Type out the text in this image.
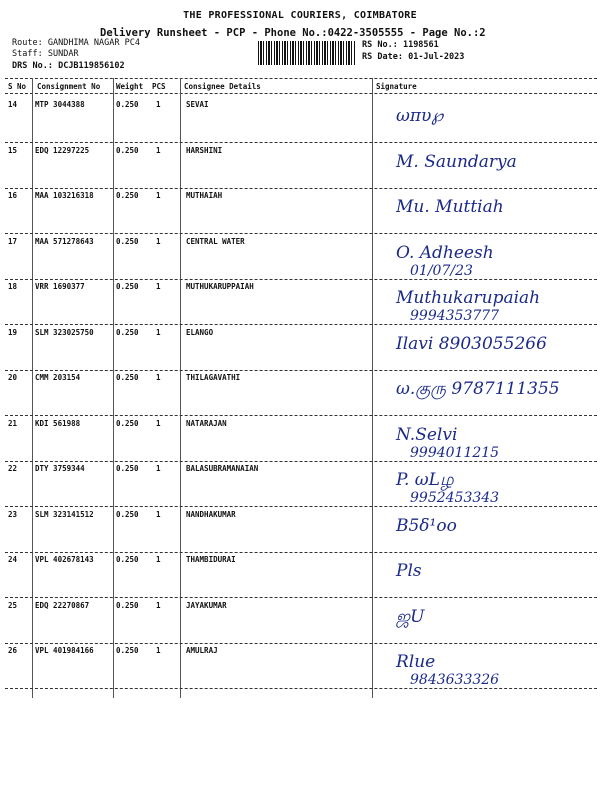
THE PROFESSIONAL COURIERS, COIMBATORE
Delivery Runsheet - PCP - Phone No.:0422-3505555 - Page No.:2
Route: GANDHIMA NAGAR PC4
Staff: SUNDAR
DRS No.: DCJB119856102
RS No.: 1198561
RS Date: 01-Jul-2023
S No Consignment No Weight PCS Consignee Details	Signature
14 MTP 3044388	0.250 1	SEVAI
ωπυ℘
15 EDQ 12297225	0.250 1	HARSHINI
M. Saundarya
16 MAA 103216318	0.250 1	MUTHAIAH
Mu. Muttiah
17 MAA 571278643	0.250 1	CENTRAL WATER
O. Adheesh
01/07/23
18 VRR 1690377	0.250 1	MUTHUKARUPPAIAH
Muthukarupaiah
9994353777
19 SLM 323025750	0.250 1	ELANGO
Ilavi 8903055266
20 CMM 203154	0.250 1	THILAGAVATHI
ω.குரு 9787111355
21 KDI 561988	0.250 1	NATARAJAN
N.Selvi
9994011215
22 DTY 3759344	0.250 1	BALASUBRAMANAIAN
P. ωLழ
9952453343
23 SLM 323141512	0.250 1	NANDHAKUMAR
B5δ¹oo
24 VPL 402678143	0.250 1	THAMBIDURAI
Pls
25 EDQ 22270867	0.250 1	JAYAKUMAR
ஜU
26 VPL 401984166	0.250 1	AMULRAJ
Rlue
9843633326
